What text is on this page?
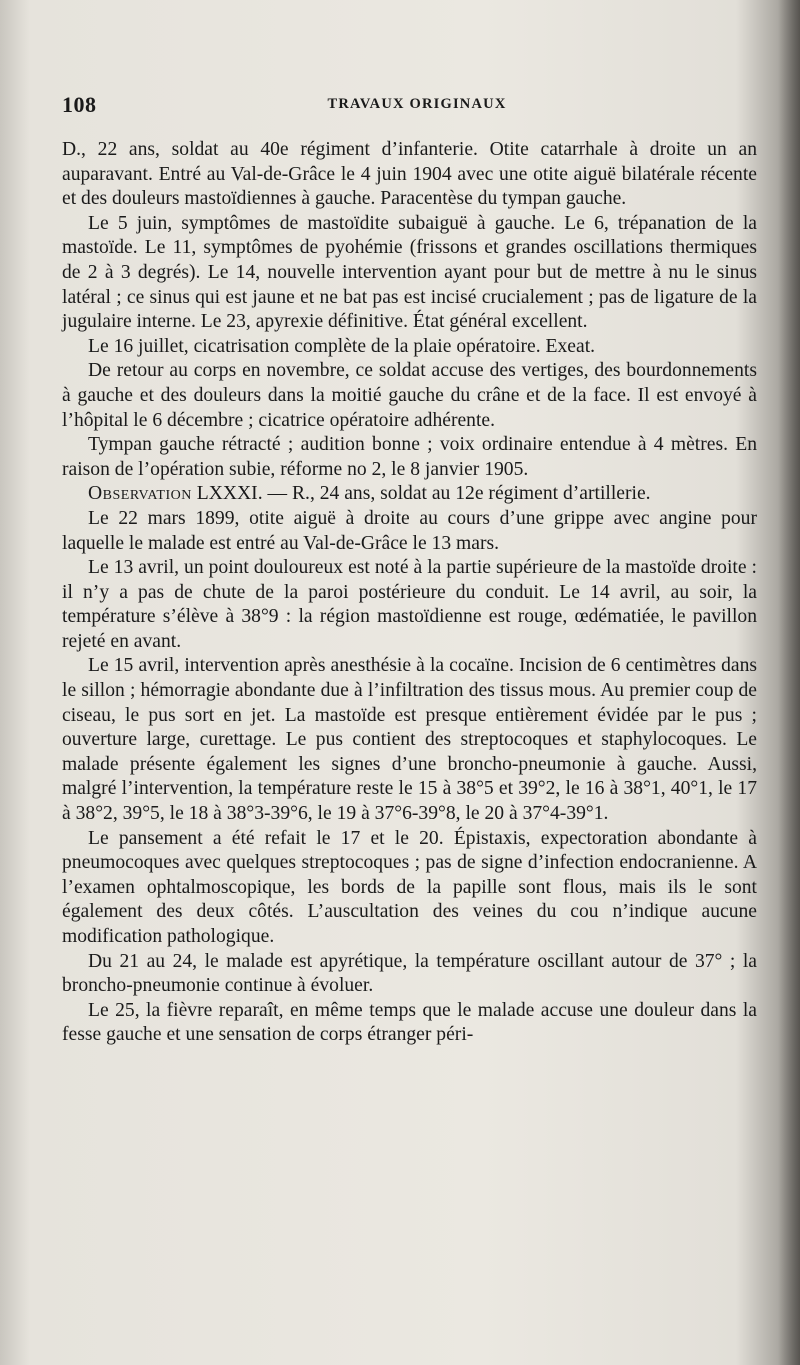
108	TRAVAUX ORIGINAUX

D., 22 ans, soldat au 40e régiment d’infanterie. Otite catarrhale à droite un an auparavant. Entré au Val-de-Grâce le 4 juin 1904 avec une otite aiguë bilatérale récente et des douleurs mastoïdiennes à gauche. Paracentèse du tympan gauche.

Le 5 juin, symptômes de mastoïdite subaiguë à gauche. Le 6, trépanation de la mastoïde. Le 11, symptômes de pyohémie (frissons et grandes oscillations thermiques de 2 à 3 degrés). Le 14, nouvelle intervention ayant pour but de mettre à nu le sinus latéral ; ce sinus qui est jaune et ne bat pas est incisé crucialement ; pas de ligature de la jugulaire interne. Le 23, apyrexie définitive. État général excellent.

Le 16 juillet, cicatrisation complète de la plaie opératoire. Exeat.

De retour au corps en novembre, ce soldat accuse des vertiges, des bourdonnements à gauche et des douleurs dans la moitié gauche du crâne et de la face. Il est envoyé à l’hôpital le 6 décembre ; cicatrice opératoire adhérente.

Tympan gauche rétracté ; audition bonne ; voix ordinaire entendue à 4 mètres. En raison de l’opération subie, réforme no 2, le 8 janvier 1905.

Observation LXXXI. — R., 24 ans, soldat au 12e régiment d’artillerie.

Le 22 mars 1899, otite aiguë à droite au cours d’une grippe avec angine pour laquelle le malade est entré au Val-de-Grâce le 13 mars.

Le 13 avril, un point douloureux est noté à la partie supérieure de la mastoïde droite : il n’y a pas de chute de la paroi postérieure du conduit. Le 14 avril, au soir, la température s’élève à 38°9 : la région mastoïdienne est rouge, œdématiée, le pavillon rejeté en avant.

Le 15 avril, intervention après anesthésie à la cocaïne. Incision de 6 centimètres dans le sillon ; hémorragie abondante due à l’infiltration des tissus mous. Au premier coup de ciseau, le pus sort en jet. La mastoïde est presque entièrement évidée par le pus ; ouverture large, curettage. Le pus contient des streptocoques et staphylocoques. Le malade présente également les signes d’une broncho-pneumonie à gauche. Aussi, malgré l’intervention, la température reste le 15 à 38°5 et 39°2, le 16 à 38°1, 40°1, le 17 à 38°2, 39°5, le 18 à 38°3-39°6, le 19 à 37°6-39°8, le 20 à 37°4-39°1.

Le pansement a été refait le 17 et le 20. Épistaxis, expectoration abondante à pneumocoques avec quelques streptocoques ; pas de signe d’infection endocranienne. A l’examen ophtalmoscopique, les bords de la papille sont flous, mais ils le sont également des deux côtés. L’auscultation des veines du cou n’indique aucune modification pathologique.

Du 21 au 24, le malade est apyrétique, la température oscillant autour de 37° ; la broncho-pneumonie continue à évoluer.

Le 25, la fièvre reparaît, en même temps que le malade accuse une douleur dans la fesse gauche et une sensation de corps étranger péri-
